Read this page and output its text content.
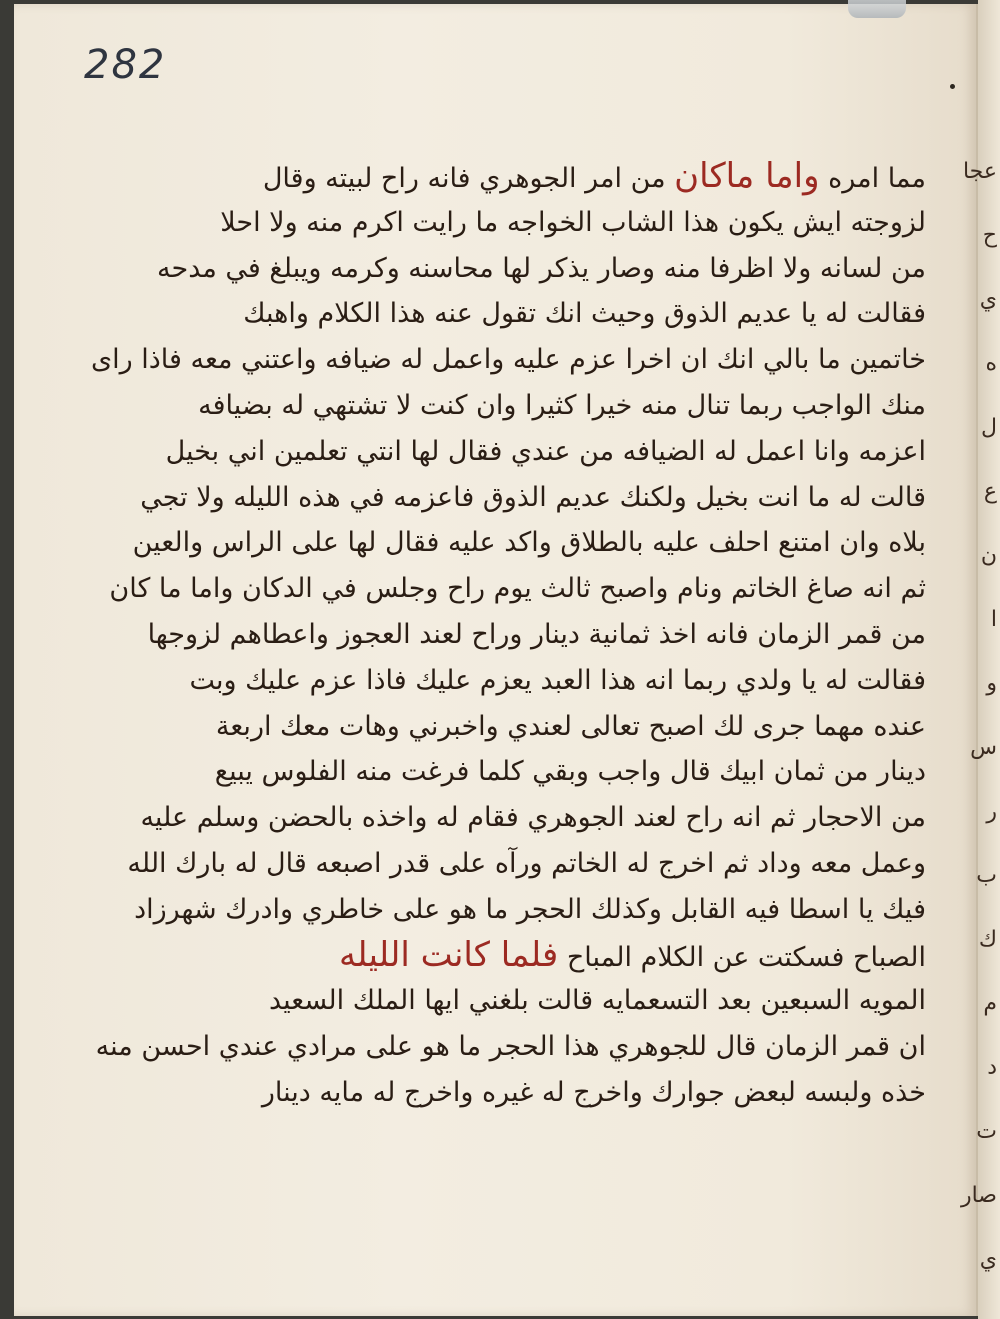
282
مما امره واما ماكان من امر الجوهري فانه راح لبيته وقال
لزوجته ايش يكون هذا الشاب الخواجه ما رايت اكرم منه ولا احلا
من لسانه ولا اظرفا منه وصار يذكر لها محاسنه وكرمه ويبلغ في مدحه
فقالت له يا عديم الذوق وحيث انك تقول عنه هذا الكلام واهبك
خاتمين ما بالي انك ان اخرا عزم عليه واعمل له ضيافه واعتني معه فاذا راى
منك الواجب ربما تنال منه خيرا كثيرا وان كنت لا تشتهي له بضيافه
اعزمه وانا اعمل له الضيافه من عندي فقال لها انتي تعلمين اني بخيل
قالت له ما انت بخيل ولكنك عديم الذوق فاعزمه في هذه الليله ولا تجي
بلاه وان امتنع احلف عليه بالطلاق واكد عليه فقال لها على الراس والعين
ثم انه صاغ الخاتم ونام واصبح ثالث يوم راح وجلس في الدكان واما ما كان
من قمر الزمان فانه اخذ ثمانية دينار وراح لعند العجوز واعطاهم لزوجها
فقالت له يا ولدي ربما انه هذا العبد يعزم عليك فاذا عزم عليك وبت
عنده مهما جرى لك اصبح تعالى لعندي واخبرني وهات معك اربعة
دينار من ثمان ابيك قال واجب وبقي كلما فرغت منه الفلوس يبيع
من الاحجار ثم انه راح لعند الجوهري فقام له واخذه بالحضن وسلم عليه
وعمل معه وداد ثم اخرج له الخاتم ورآه على قدر اصبعه قال له بارك الله
فيك يا اسطا فيه القابل وكذلك الحجر ما هو على خاطري وادرك شهرزاد
الصباح فسكتت عن الكلام المباح فلما كانت الليله
المويه السبعين بعد التسعمايه قالت بلغني ايها الملك السعيد
ان قمر الزمان قال للجوهري هذا الحجر ما هو على مرادي عندي احسن منه
خذه ولبسه لبعض جوارك واخرج له غيره واخرج له مايه دينار
عجا
ح
ي
ه
ل
ع
ن
ا
و
س
ر
ب
ك
م
د
ت
صار
ي
